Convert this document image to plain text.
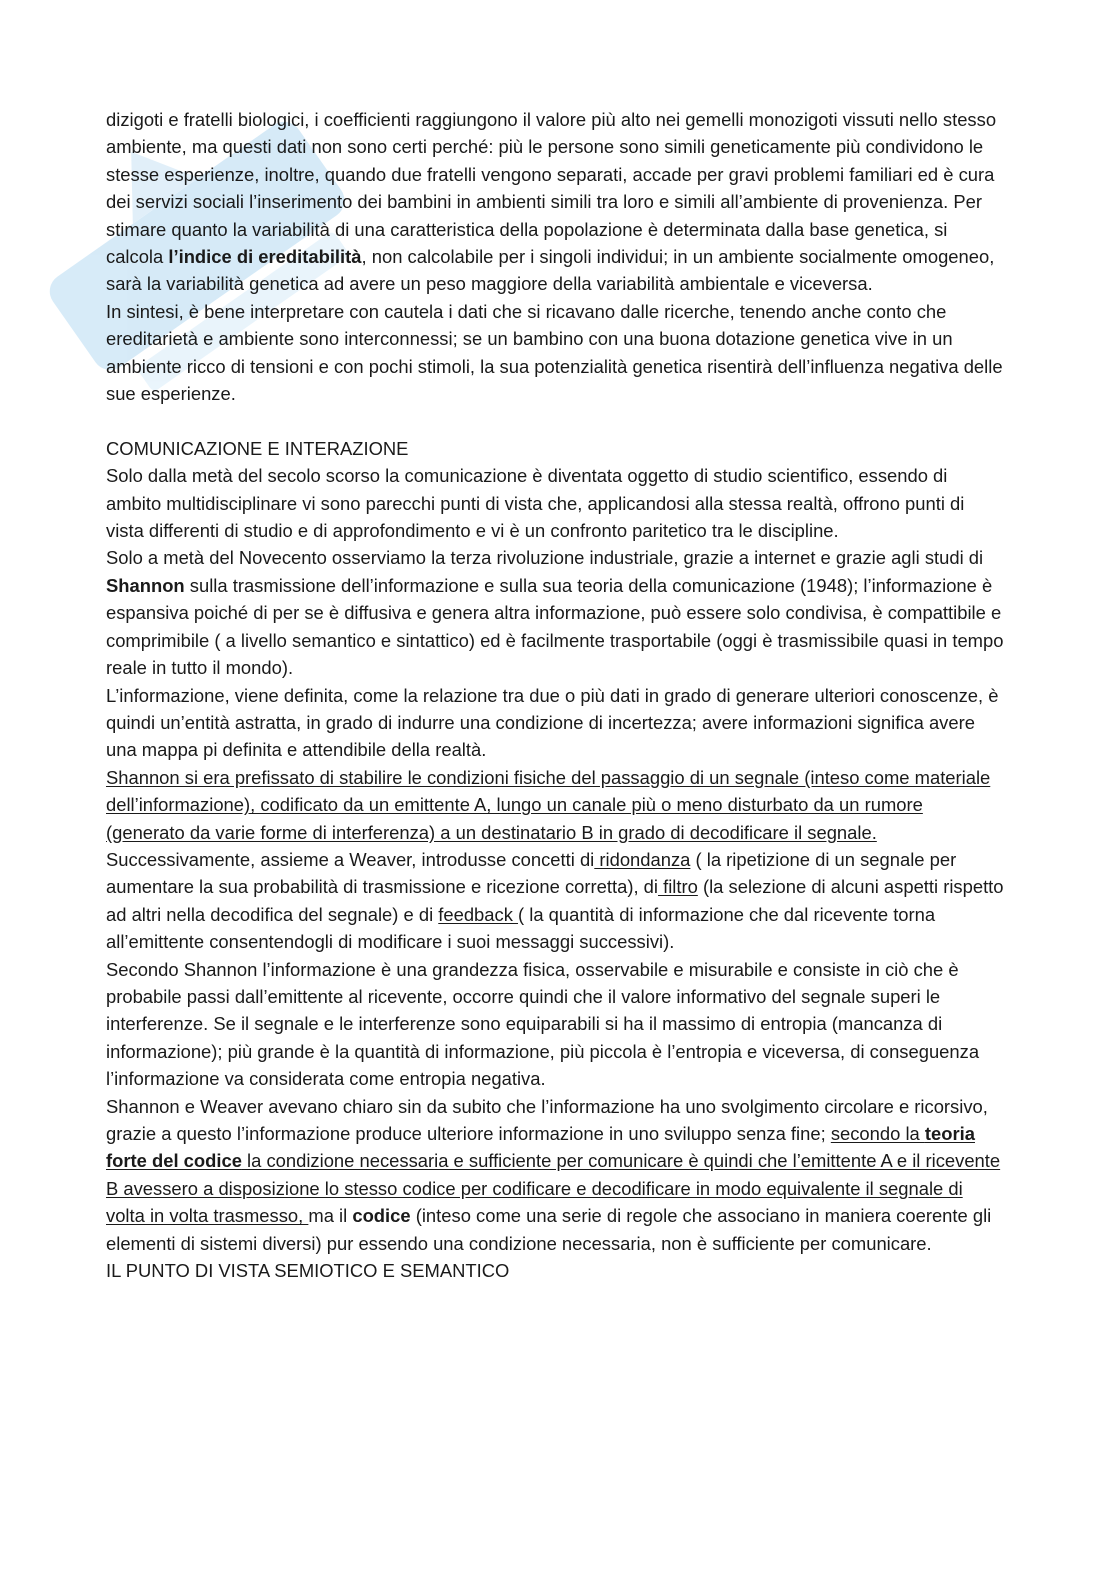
dizigoti e fratelli biologici, i coefficienti raggiungono il valore più alto nei gemelli monozigoti vissuti nello stesso ambiente, ma questi dati non sono certi perché: più le persone sono simili geneticamente più condividono le stesse esperienze, inoltre, quando due fratelli vengono separati, accade per gravi problemi familiari ed è cura dei servizi sociali l’inserimento dei bambini in ambienti simili tra loro e simili all’ambiente di provenienza. Per stimare quanto la variabilità di una caratteristica della popolazione è determinata dalla base genetica, si calcola l’indice di ereditabilità, non calcolabile per i singoli individui; in un ambiente socialmente omogeneo, sarà la variabilità genetica ad avere un peso maggiore della variabilità ambientale e viceversa.

In sintesi, è bene interpretare con cautela i dati che si ricavano dalle ricerche, tenendo anche conto che ereditarietà e ambiente sono interconnessi; se un bambino con una buona dotazione genetica vive in un ambiente ricco di tensioni e con pochi stimoli, la sua potenzialità genetica risentirà dell’influenza negativa delle sue esperienze.

COMUNICAZIONE E INTERAZIONE

Solo dalla metà del secolo scorso la comunicazione è diventata oggetto di studio scientifico, essendo di ambito multidisciplinare vi sono parecchi punti di vista che, applicandosi alla stessa realtà, offrono punti di vista differenti di studio e di approfondimento e vi è un confronto paritetico tra le discipline.

Solo a metà del Novecento osserviamo la terza rivoluzione industriale, grazie a internet e grazie agli studi di Shannon sulla trasmissione dell’informazione e sulla sua teoria della comunicazione (1948); l’informazione è espansiva poiché di per se è diffusiva e genera altra informazione, può essere solo condivisa, è compattibile e comprimibile ( a livello semantico e sintattico) ed è facilmente trasportabile (oggi è trasmissibile quasi in tempo reale in tutto il mondo).

L’informazione, viene definita, come la relazione tra due o più dati in grado di generare ulteriori conoscenze, è quindi un’entità astratta, in grado di indurre una condizione di incertezza; avere informazioni significa avere una mappa pi definita e attendibile della realtà.

Shannon si era prefissato di stabilire le condizioni fisiche del passaggio di un segnale (inteso come materiale dell’informazione), codificato da un emittente A, lungo un canale più o meno disturbato da un rumore (generato da varie forme di interferenza) a un destinatario B in grado di decodificare il segnale.

Successivamente, assieme a Weaver, introdusse concetti di ridondanza ( la ripetizione di un segnale per aumentare la sua probabilità di trasmissione e ricezione corretta), di filtro (la selezione di alcuni aspetti rispetto ad altri nella decodifica del segnale) e di feedback ( la quantità di informazione che dal ricevente torna all’emittente consentendogli di modificare i suoi messaggi successivi).

Secondo Shannon l’informazione è una grandezza fisica, osservabile e misurabile e consiste in ciò che è probabile passi dall’emittente al ricevente, occorre quindi che il valore informativo del segnale superi le interferenze. Se il segnale e le interferenze sono equiparabili si ha il massimo di entropia (mancanza di informazione); più grande è la quantità di informazione, più piccola è l’entropia e viceversa, di conseguenza l’informazione va considerata come entropia negativa.

Shannon e Weaver avevano chiaro sin da subito che l’informazione ha uno svolgimento circolare e ricorsivo, grazie a questo l’informazione produce ulteriore informazione in uno sviluppo senza fine; secondo la teoria forte del codice la condizione necessaria e sufficiente per comunicare è quindi che l’emittente A e il ricevente B avessero a disposizione lo stesso codice per codificare e decodificare in modo equivalente il segnale di volta in volta trasmesso, ma il codice (inteso come una serie di regole che associano in maniera coerente gli elementi di sistemi diversi) pur essendo una condizione necessaria, non è sufficiente per comunicare.

IL PUNTO DI VISTA SEMIOTICO E SEMANTICO
